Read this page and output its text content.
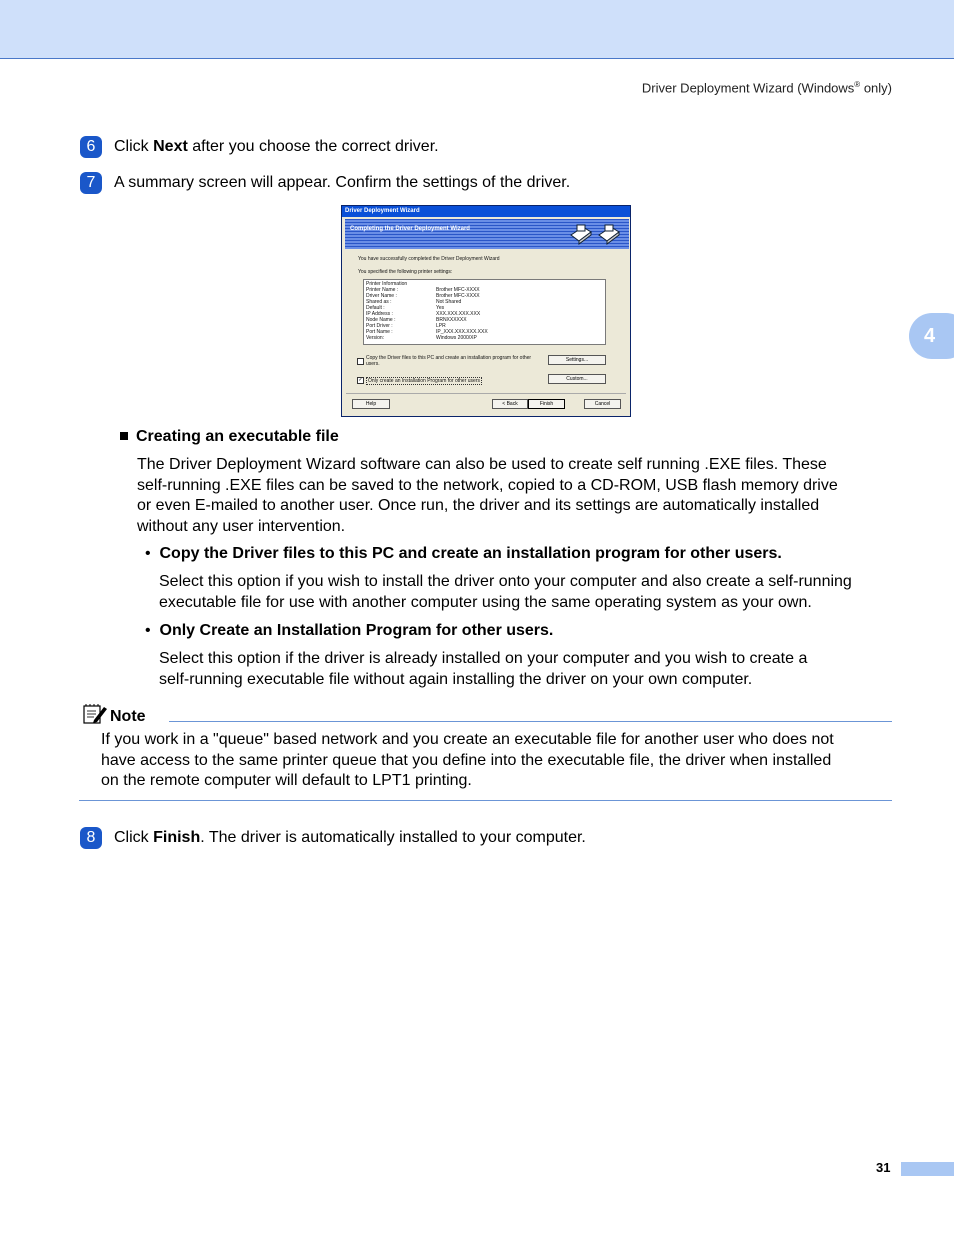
Driver Deployment Wizard (Windows® only)
4
6	Click Next after you choose the correct driver.
7	A summary screen will appear. Confirm the settings of the driver.
Driver Deployment Wizard
Completing the Driver Deployment Wizard
You have successfully completed the Driver Deployment Wizard
You specified the following printer settings:
Printer Information
Printer Name :	Brother MFC-XXXX
Driver Name :	Brother MFC-XXXX
Shared as :	Not Shared
Default :	Yes
IP Address :	XXX.XXX.XXX.XXX
Node Name :	BRNXXXXXX
Port Driver :	LPR
Port Name :	IP_XXX.XXX.XXX.XXX
Version:	Windows 2000/XP
Copy the Driver files to this PC and create an installation program for other users.
✓	Only create an Installation Program for other users
Settings...
Custom...
Help	< Back	Finish	Cancel
Creating an executable file
The Driver Deployment Wizard software can also be used to create self running .EXE files. These
self-running .EXE files can be saved to the network, copied to a CD-ROM, USB flash memory drive
or even E-mailed to another user. Once run, the driver and its settings are automatically installed
without any user intervention.
• Copy the Driver files to this PC and create an installation program for other users.
Select this option if you wish to install the driver onto your computer and also create a self-running
executable file for use with another computer using the same operating system as your own.
• Only Create an Installation Program for other users.
Select this option if the driver is already installed on your computer and you wish to create a
self-running executable file without again installing the driver on your own computer.
Note
If you work in a "queue" based network and you create an executable file for another user who does not
have access to the same printer queue that you define into the executable file, the driver when installed
on the remote computer will default to LPT1 printing.
8	Click Finish. The driver is automatically installed to your computer.
31
